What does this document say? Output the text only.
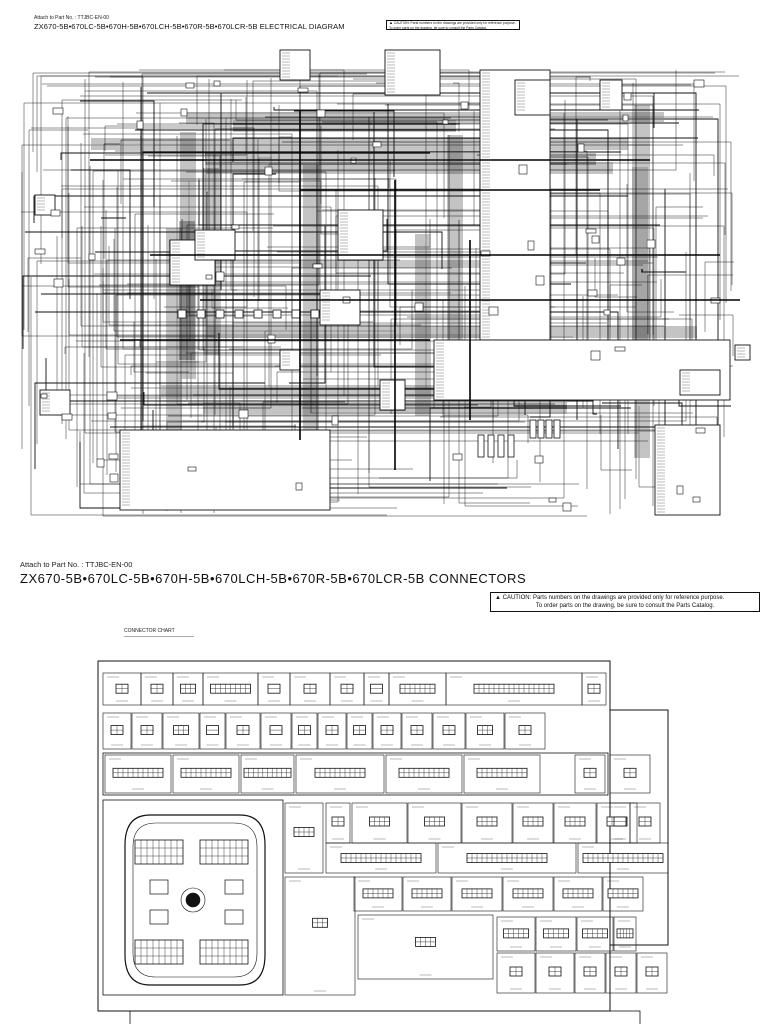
Attach to Part No. : TTJBC-EN-00
ZX670-5B•670LC-5B•670H-5B•670LCH-5B•670R-5B•670LCR-5B ELECTRICAL DIAGRAM	▲ CAUTION: Parts numbers on the drawings are provided only for reference purpose. To order parts on the drawing, be sure to consult the Parts Catalog.
Attach to Part No. : TTJBC-EN-00
ZX670-5B•670LC-5B•670H-5B•670LCH-5B•670R-5B•670LCR-5B CONNECTORS
▲ CAUTION: Parts numbers on the drawings are provided only for reference purpose.
To order parts on the drawing, be sure to consult the Parts Catalog.
CONNECTOR CHART
